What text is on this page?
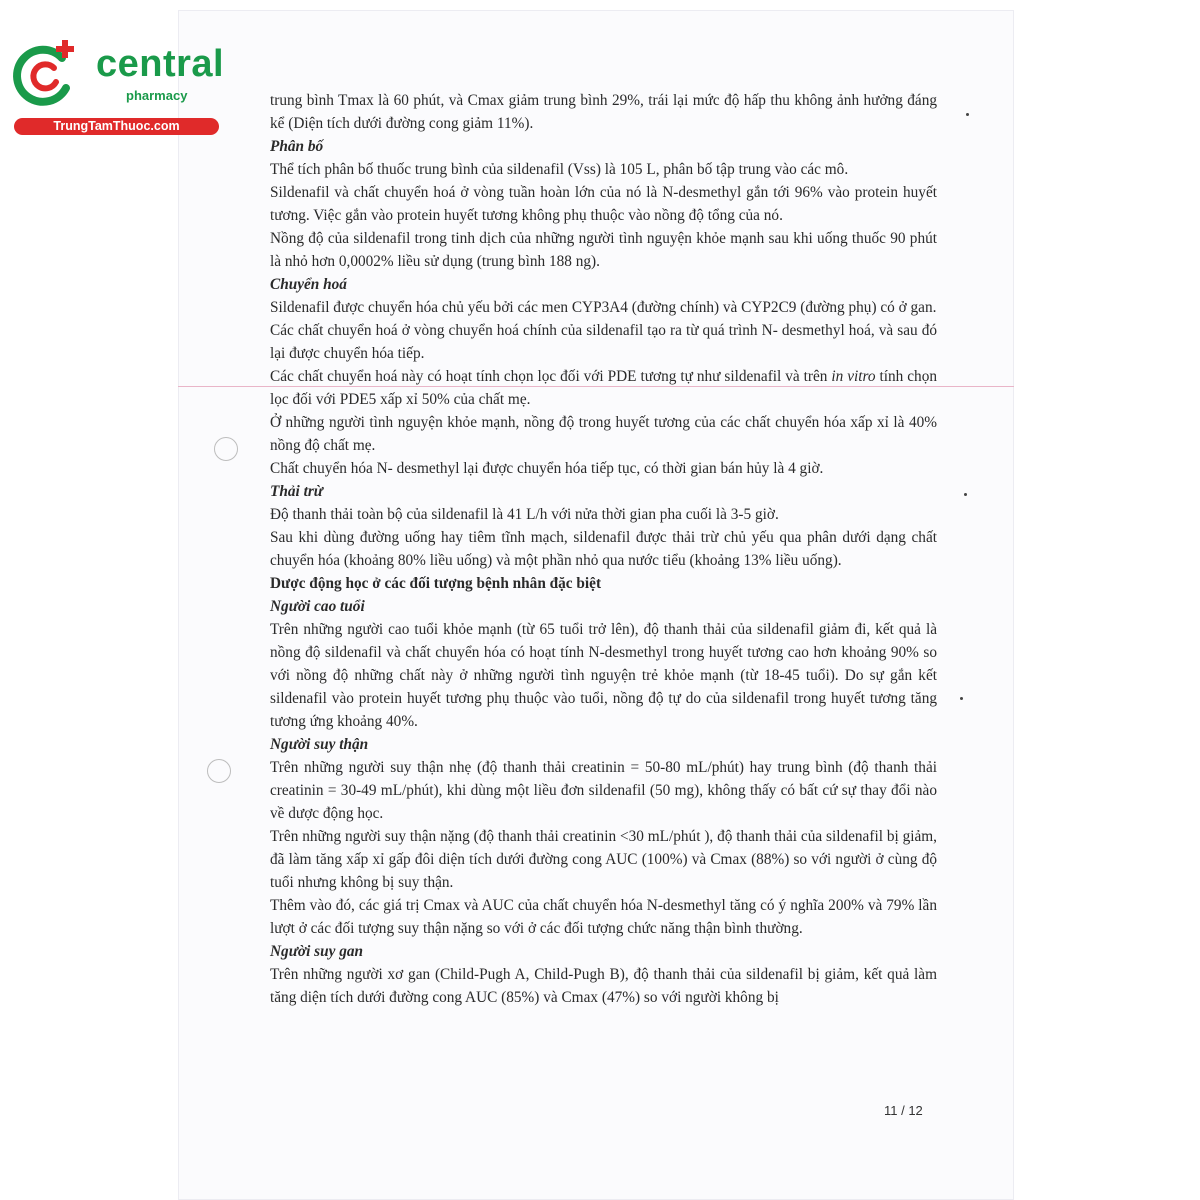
central
pharmacy
TrungTamThuoc.com

trung bình Tmax là 60 phút, và Cmax giảm trung bình 29%, trái lại mức độ hấp thu không ảnh hưởng đáng kể (Diện tích dưới đường cong giảm 11%).

Phân bố

Thể tích phân bố thuốc trung bình của sildenafil (Vss) là 105 L, phân bố tập trung vào các mô.

Sildenafil và chất chuyển hoá ở vòng tuần hoàn lớn của nó là N-desmethyl gắn tới 96% vào protein huyết tương. Việc gắn vào protein huyết tương không phụ thuộc vào nồng độ tổng của nó.

Nồng độ của sildenafil trong tinh dịch của những người tình nguyện khỏe mạnh sau khi uống thuốc 90 phút là nhỏ hơn 0,0002% liều sử dụng (trung bình 188 ng).

Chuyển hoá

Sildenafil được chuyển hóa chủ yếu bởi các men CYP3A4 (đường chính) và CYP2C9 (đường phụ) có ở gan.

Các chất chuyển hoá ở vòng chuyển hoá chính của sildenafil tạo ra từ quá trình N- desmethyl hoá, và sau đó lại được chuyển hóa tiếp.

Các chất chuyển hoá này có hoạt tính chọn lọc đối với PDE tương tự như sildenafil và trên in vitro tính chọn lọc đối với PDE5 xấp xỉ 50% của chất mẹ.

Ở những người tình nguyện khỏe mạnh, nồng độ trong huyết tương của các chất chuyển hóa xấp xỉ là 40% nồng độ chất mẹ.

Chất chuyển hóa N- desmethyl lại được chuyển hóa tiếp tục, có thời gian bán hủy là 4 giờ.

Thải trừ

Độ thanh thải toàn bộ của sildenafil là 41 L/h với nửa thời gian pha cuối là 3-5 giờ.

Sau khi dùng đường uống hay tiêm tĩnh mạch, sildenafil được thải trừ chủ yếu qua phân dưới dạng chất chuyển hóa (khoảng 80% liều uống) và một phần nhỏ qua nước tiểu (khoảng 13% liều uống).

Dược động học ở các đối tượng bệnh nhân đặc biệt

Người cao tuổi

Trên những người cao tuổi khỏe mạnh (từ 65 tuổi trở lên), độ thanh thải của sildenafil giảm đi, kết quả là nồng độ sildenafil và chất chuyển hóa có hoạt tính N-desmethyl trong huyết tương cao hơn khoảng 90% so với nồng độ những chất này ở những người tình nguyện trẻ khỏe mạnh (từ 18-45 tuổi). Do sự gắn kết sildenafil vào protein huyết tương phụ thuộc vào tuổi, nồng độ tự do của sildenafil trong huyết tương tăng tương ứng khoảng 40%.

Người suy thận

Trên những người suy thận nhẹ (độ thanh thải creatinin = 50-80 mL/phút) hay trung bình (độ thanh thải creatinin = 30-49 mL/phút), khi dùng một liều đơn sildenafil (50 mg), không thấy có bất cứ sự thay đổi nào về dược động học.

Trên những người suy thận nặng (độ thanh thải creatinin <30 mL/phút ), độ thanh thải của sildenafil bị giảm, đã làm tăng xấp xỉ gấp đôi diện tích dưới đường cong AUC (100%) và Cmax (88%) so với người ở cùng độ tuổi nhưng không bị suy thận.

Thêm vào đó, các giá trị Cmax và AUC của chất chuyển hóa N-desmethyl tăng có ý nghĩa 200% và 79% lần lượt ở các đối tượng suy thận nặng so với ở các đối tượng chức năng thận bình thường.

Người suy gan

Trên những người xơ gan (Child-Pugh A, Child-Pugh B), độ thanh thải của sildenafil bị giảm, kết quả làm tăng diện tích dưới đường cong AUC (85%) và Cmax (47%) so với người không bị

11 / 12
